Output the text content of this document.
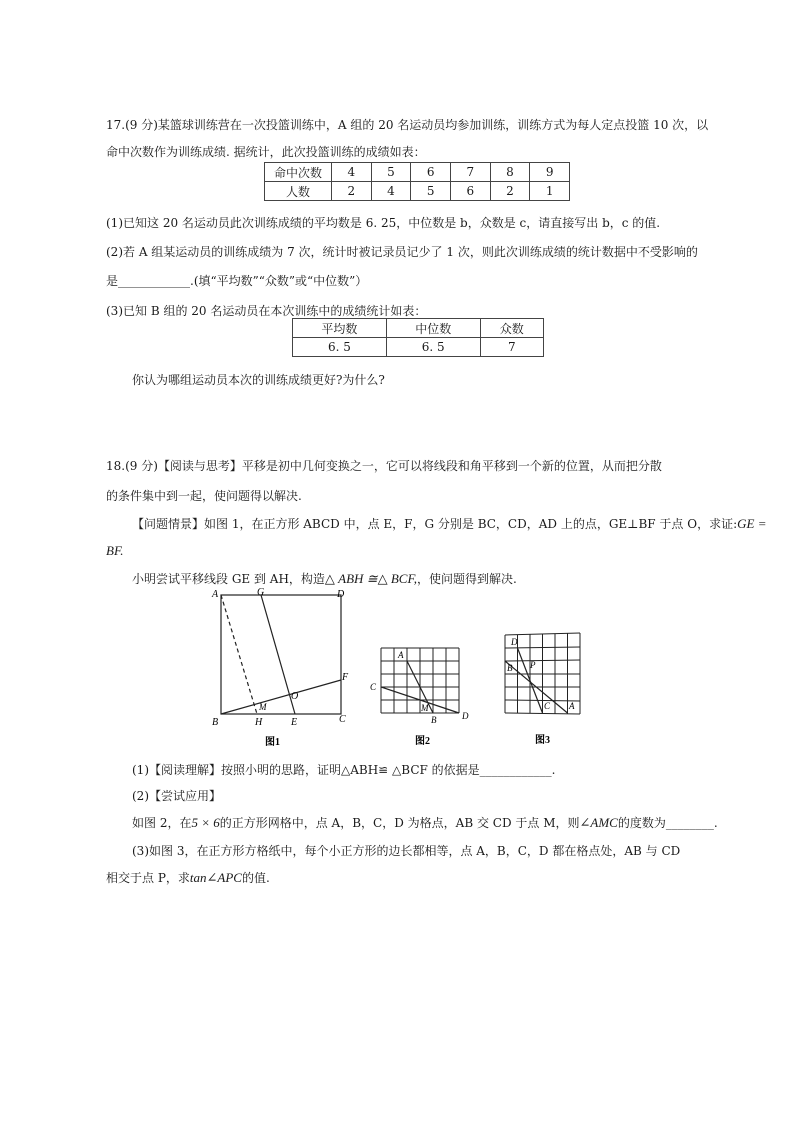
17.(9 分)某篮球训练营在一次投篮训练中，A 组的 20 名运动员均参加训练，训练方式为每人定点投篮 10 次，以
命中次数作为训练成绩. 据统计，此次投篮训练的成绩如表：
命中次数	4	5	6	7	8	9
人数	2	4	5	6	2	1
(1)已知这 20 名运动员此次训练成绩的平均数是 6. 25，中位数是 b，众数是 c，请直接写出 b，c 的值.
(2)若 A 组某运动员的训练成绩为 7 次，统计时被记录员记少了 1 次，则此次训练成绩的统计数据中不受影响的
是____________.(填“平均数”“众数”或“中位数”）
(3)已知 B 组的 20 名运动员在本次训练中的成绩统计如表：
平均数	中位数	众数
6. 5	6. 5	7
你认为哪组运动员本次的训练成绩更好?为什么?
18.(9 分)【阅读与思考】平移是初中几何变换之一，它可以将线段和角平移到一个新的位置，从而把分散
的条件集中到一起，使问题得以解决.
【问题情景】如图 1，在正方形 ABCD 中，点 E，F，G 分别是 BC，CD，AD 上的点，GE⊥BF 于点 O，求证:GE =
BF.
小明尝试平移线段 GE 到 AH，构造△ ABH ≅△ BCF,，使问题得到解决.
A	G	D
F
O
M
B	H	E	C
图1
A
C
M
B	D
图2
D
B P
C A
图3
(1)【阅读理解】按照小明的思路，证明△ABH≌ △BCF 的依据是____________.
(2)【尝试应用】
如图 2，在5 × 6的正方形网格中，点 A，B，C，D 为格点，AB 交 CD 于点 M，则∠AMC的度数为________.
(3)如图 3，在正方形方格纸中，每个小正方形的边长都相等，点 A，B，C，D 都在格点处，AB 与 CD
相交于点 P，求tan∠APC的值.
